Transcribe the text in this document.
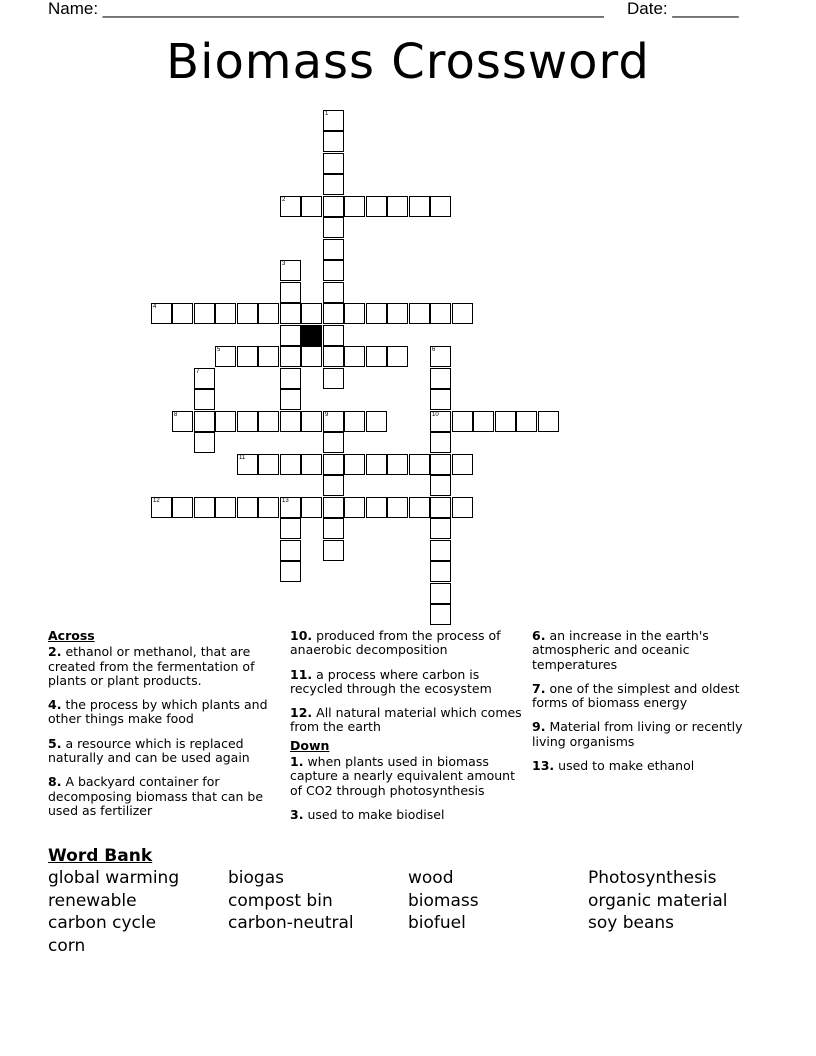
Name: _____________________________________________________ Date: _______
Biomass Crossword
1
2
3
4
5	6
10
7
8	9
11
12	13
Across
2. ethanol or methanol, that are created from the fermentation of plants or plant products.
4. the process by which plants and other things make food
5. a resource which is replaced naturally and can be used again
8. A backyard container for decomposing biomass that can be used as fertilizer
10. produced from the process of anaerobic decomposition
11. a process where carbon is recycled through the ecosystem
12. All natural material which comes from the earth
Down
1. when plants used in biomass capture a nearly equivalent amount of CO2 through photosynthesis
3. used to make biodisel
6. an increase in the earth's atmospheric and oceanic temperatures
7. one of the simplest and oldest forms of biomass energy
9. Material from living or recently living organisms
13. used to make ethanol
Word Bank
global warming
renewable
carbon cycle
corn
biogas
compost bin
carbon-neutral
wood
biomass
biofuel
Photosynthesis
organic material
soy beans
